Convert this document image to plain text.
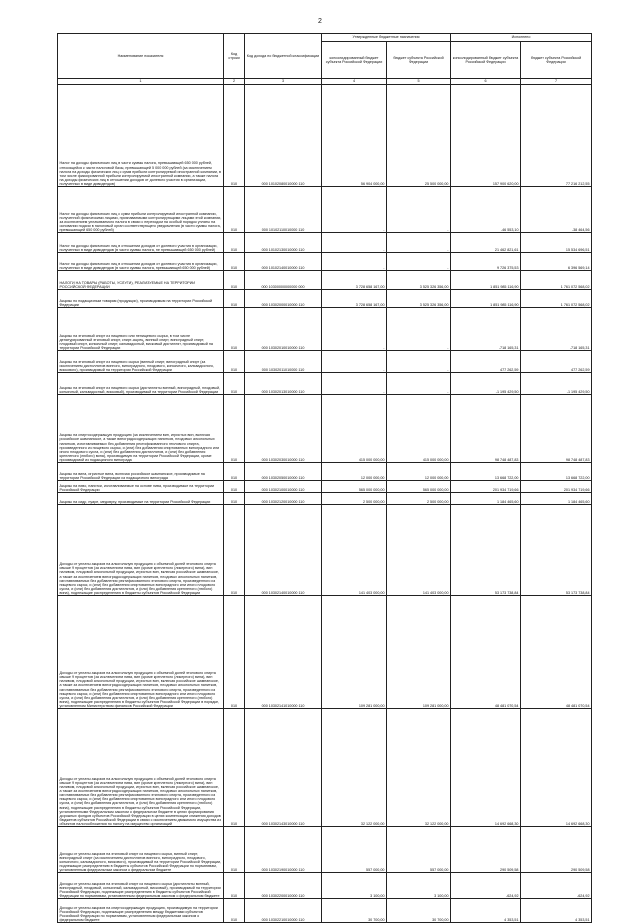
2
Наименование показателя	Код строки	Код дохода по бюджетной классификации	Утвержденные бюджетные назначения		Исполнено	
			консолидированный бюджет субъекта Российской Федерации	бюджет субъекта Российской Федерации	консолидированный бюджет субъекта Российской Федерации	бюджет субъекта Российской Федерации
1	2	3	4	5	6	7
Налог на доходы физических лиц в части суммы налога, превышающей 650 000 рублей, относящейся к части налоговой базы, превышающей 5 000 000 рублей (за исключением налога на доходы физических лиц с сумм прибыли контролируемой иностранной компании, в том числе фиксированной прибыли контролируемой иностранной компании, а также налога на доходы физических лиц в отношении доходов от долевого участия в организации, полученных в виде дивидендов)	010	000 10102080010000 110	56 904 000,00	25 500 000,00	157 900 620,00	77 216 212,55
Налог на доходы физических лиц с сумм прибыли контролируемой иностранной компании, полученной физическими лицами, признаваемыми контролирующими лицами этой компании, за исключением уплачиваемого налога в связи с переходом на особый порядок уплаты на основании подачи в налоговый орган соответствующего уведомления (в части суммы налога, превышающей 650 000 рублей)	010	000 10102110010000 110	-	-	-46 553,10	-38 464,56
Налог на доходы физических лиц в отношении доходов от долевого участия в организации, полученных в виде дивидендов (в части суммы налога, не превышающей 650 000 рублей)	010	000 10102130010000 110	-	-	21 462 821,61	15 534 696,51
Налог на доходы физических лиц в отношении доходов от долевого участия в организации, полученных в виде дивидендов (в части суммы налога, превышающей 650 000 рублей)	010	000 10102140010000 110	-	-	9 726 375,53	6 396 569,14
НАЛОГИ НА ТОВАРЫ (РАБОТЫ, УСЛУГИ), РЕАЛИЗУЕМЫЕ НА ТЕРРИТОРИИ РОССИЙСКОЙ ФЕДЕРАЦИИ	010	000 10300000000000 000	3 728 658 167,00	3 525 326 356,00	1 851 985 116,90	1 761 072 568,02
Акцизы по подакцизным товарам (продукции), производимым на территории Российской Федерации	010	000 10302000010000 110	3 728 658 167,00	3 525 326 356,00	1 851 985 116,90	1 761 072 568,02
Акцизы на этиловый спирт из пищевого или непищевого сырья, в том числе денатурированный этиловый спирт, спирт-сырец, винный спирт, виноградный спирт, плодовый спирт, коньячный спирт, кальвадосный, висковый дистиллят, производимый на территории Российской Федерации	010	000 10302010010000 110	-	-	-718 165,31	-718 165,31
Акцизы на этиловый спирт из пищевого сырья (винный спирт, виноградный спирт (за исключением дистиллятов винного, виноградного, плодового, коньячного, кальвадосного, вискового), производимый на территории Российской Федерации	010	000 10302011010000 110	-	-	477 262,59	477 262,59
Акцизы на этиловый спирт из пищевого сырья (дистилляты винный, виноградный, плодовый, коньячный, кальвадосный, висковый), производимый на территории Российской Федерации	010	000 10302013010000 110	-	-	-1 195 429,50	-1 195 429,50
Акцизы на спиртосодержащую продукцию (за исключением вин, игристых вин, включая российское шампанское, а также виноградосодержащих напитков, плодовых алкогольных напитков, изготавливаемых без добавления ректификованного этилового спирта, произведенного из пищевого сырья, и (или) без добавления спиртованных виноградного или иного плодового сусла, и (или) без добавления дистиллятов, и (или) без добавления крепленого (любого) вина), производимую на территории Российской Федерации, кроме производимой из подакцизного винограда	010	000 10302030010000 110	415 000 000,00	415 000 000,00	98 748 487,83	98 748 487,83
Акцизы на вина, игристые вина, включая российское шампанское, производимые на территории Российской Федерации из подакцизного винограда	010	000 10302050010000 110	12 000 000,00	12 000 000,00	13 668 722,00	13 668 722,00
Акцизы на пиво, напитки, изготавливаемые на основе пива, производимые на территории Российской Федерации	010	000 10302100010000 110	565 000 000,00	565 000 000,00	201 934 719,66	201 934 719,66
Акцизы на сидр, пуаре, медовуху, производимые на территории Российской Федерации	010	000 10302120010000 110	2 500 000,00	2 500 000,00	1 184 465,60	1 184 465,60
Доходы от уплаты акцизов на алкогольную продукцию с объемной долей этилового спирта свыше 9 процентов (за исключением пива, вин (кроме крепленого (ликерного) вина), вин наливом, плодовой алкогольной продукции, игристых вин, включая российское шампанское, а также за исключением виноградосодержащих напитков, плодовых алкогольных напитков, изготавливаемых без добавления ректификованного этилового спирта, произведенного из пищевого сырья, и (или) без добавления спиртованных виноградного или иного плодового сусла, и (или) без добавления дистиллятов, и (или) без добавления крепленого (любого) вина), подлежащие распределению в бюджеты субъектов Российской Федерации	010	000 10302140010000 110	141 403 000,00	141 403 000,00	53 173 738,84	53 173 738,84
Доходы от уплаты акцизов на алкогольную продукцию с объемной долей этилового спирта свыше 9 процентов (за исключением пива, вин (кроме крепленого (ликерного) вина), вин наливом, плодовой алкогольной продукции, игристых вин, включая российское шампанское, а также за исключением виноградосодержащих напитков, плодовых алкогольных напитков, изготавливаемых без добавления ректификованного этилового спирта, произведенного из пищевого сырья, и (или) без добавления спиртованных виноградного или иного плодового сусла, и (или) без добавления дистиллятов, и (или) без добавления крепленого (любого) вина), подлежащие распределению в бюджеты субъектов Российской Федерации в порядке, установленном Министерством финансов Российской Федерации	010	000 10302141010000 110	109 281 000,00	109 281 000,00	48 481 070,54	48 481 070,54
Доходы от уплаты акцизов на алкогольную продукцию с объемной долей этилового спирта свыше 9 процентов (за исключением пива, вин (кроме крепленого (ликерного) вина), вин наливом, плодовой алкогольной продукции, игристых вин, включая российское шампанское, а также за исключением виноградосодержащих напитков, плодовых алкогольных напитков, изготавливаемых без добавления ректификованного этилового спирта, произведенного из пищевого сырья, и (или) без добавления спиртованных виноградного или иного плодового сусла, и (или) без добавления дистиллятов, и (или) без добавления крепленого (любого) вина), подлежащие распределению в бюджеты субъектов Российской Федерации, установленными Федеральным законом о федеральном бюджете в целях формирования дорожных фондов субъектов Российской Федерации в целях компенсации снижения доходов бюджетов субъектов Российской Федерации в связи с исключением движимого имущества из объектов налогообложения по налогу на имущество организаций	010	000 10302143010000 110	32 122 000,00	32 122 000,00	14 692 668,30	14 692 668,30
Доходы от уплаты акцизов на этиловый спирт из пищевого сырья, винный спирт, виноградный спирт (за исключением дистиллятов винного, виноградного, плодового, коньячного, кальвадосного, вискового), производимый на территории Российской Федерации, подлежащие распределению в бюджеты субъектов Российской Федерации по нормативам, установленным федеральным законом о федеральном бюджете	010	000 10302190010000 110	557 000,00	557 000,00	290 509,58	290 509,58
Доходы от уплаты акцизов на этиловый спирт из пищевого сырья (дистилляты винный, виноградный, плодовый, коньячный, кальвадосный, висковый), производимый на территории Российской Федерации, подлежащие распределению в бюджеты субъектов Российской Федерации по нормативам, установленным федеральным законом о федеральном бюджете	010	000 10302200010000 110	3 100,00	3 100,00	-624,92	-624,92
Доходы от уплаты акцизов на спиртосодержащую продукцию, производимую на территории Российской Федерации, подлежащие распределению между бюджетами субъектов Российской Федерации по нормативам, установленным федеральным законом о федеральном бюджете	010	000 10302210010000 110	30 700,00	30 700,00	4 353,51	4 353,51
